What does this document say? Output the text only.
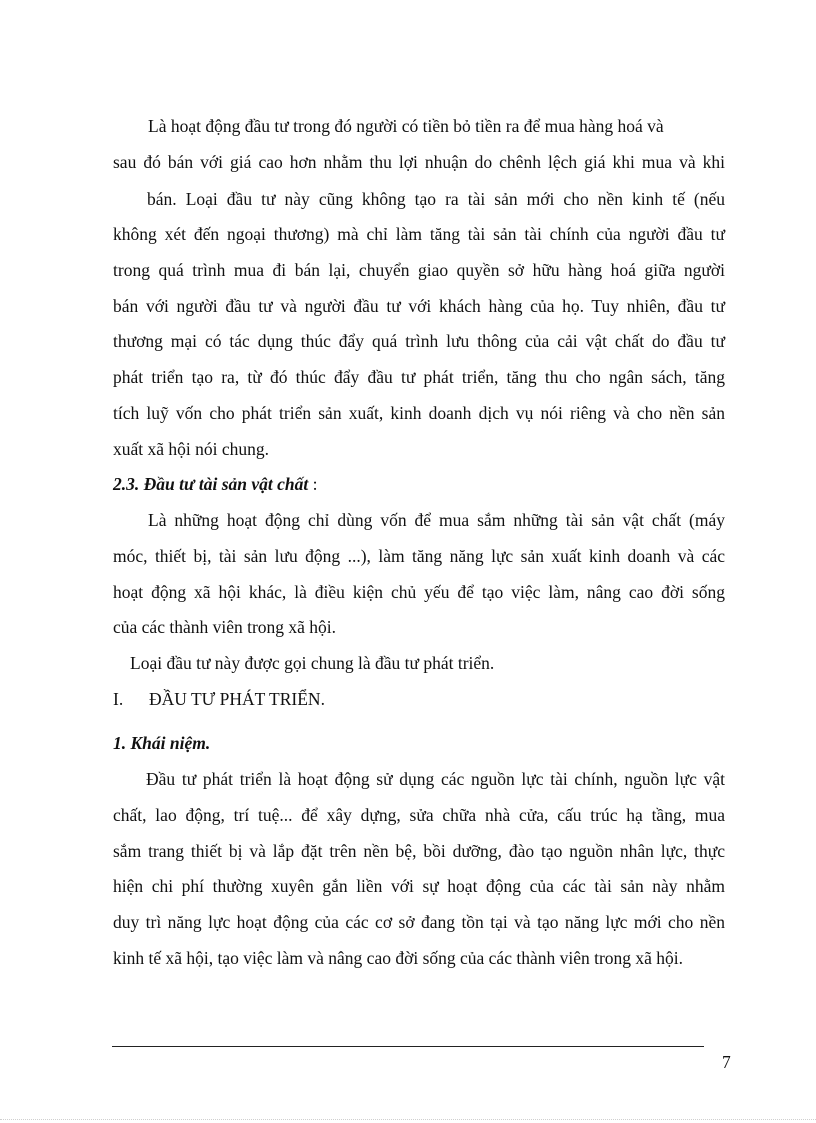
Là hoạt động đầu tư trong đó người có tiền bỏ tiền ra để mua hàng hoá và

sau đó bán với giá cao hơn nhằm thu lợi nhuận do chênh lệch giá khi mua và khi

bán. Loại đầu tư này cũng không tạo ra tài sản mới cho nền kinh tế (nếu

không xét đến ngoại thương) mà chỉ làm tăng tài sản tài chính của người đầu tư

trong quá trình mua đi bán lại, chuyển giao quyền sở hữu hàng hoá giữa người

bán với người đầu tư và người đầu tư với khách hàng của họ. Tuy nhiên, đầu tư

thương mại có tác dụng thúc đẩy quá trình lưu thông của cải vật chất do đầu tư

phát triển tạo ra, từ đó thúc đẩy đầu tư phát triển, tăng thu cho ngân sách, tăng

tích luỹ vốn cho phát triển sản xuất, kinh doanh dịch vụ nói riêng và cho nền sản

xuất xã hội nói chung.

2.3. Đầu tư tài sản vật chất :

Là những hoạt động chỉ dùng vốn để mua sắm những tài sản vật chất (máy

móc, thiết bị, tài sản lưu động ...), làm tăng năng lực sản xuất kinh doanh và các

hoạt động xã hội khác, là điều kiện chủ yếu để tạo việc làm, nâng cao đời sống

của các thành viên trong xã hội.

Loại đầu tư này được gọi chung là đầu tư phát triển.

I. ĐẦU TƯ PHÁT TRIỂN.

1. Khái niệm.

Đầu tư phát triển là hoạt động sử dụng các nguồn lực tài chính, nguồn lực vật

chất, lao động, trí tuệ... để xây dựng, sửa chữa nhà cửa, cấu trúc hạ tầng, mua

sắm trang thiết bị và lắp đặt trên nền bệ, bồi dưỡng, đào tạo nguồn nhân lực, thực

hiện chi phí thường xuyên gắn liền với sự hoạt động của các tài sản này nhằm

duy trì năng lực hoạt động của các cơ sở đang tồn tại và tạo năng lực mới cho nền

kinh tế xã hội, tạo việc làm và nâng cao đời sống của các thành viên trong xã hội.

7
